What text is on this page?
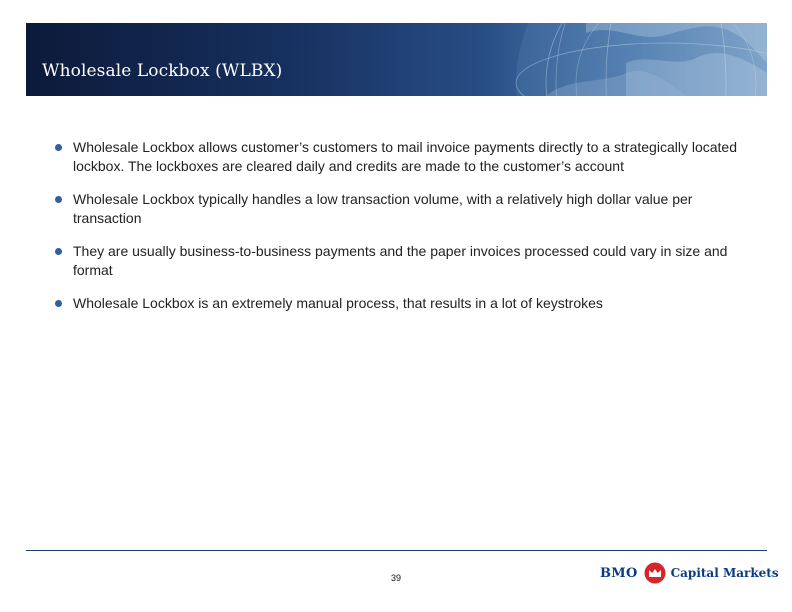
Wholesale Lockbox (WLBX)
Wholesale Lockbox allows customer’s customers to mail invoice payments directly to a strategically located lockbox. The lockboxes are cleared daily and credits are made to the customer’s account
Wholesale Lockbox typically handles a low transaction volume, with a relatively high dollar value per transaction
They are usually business-to-business payments and the paper invoices processed could vary in size and format
Wholesale Lockbox is an extremely manual process, that results in a lot of keystrokes
39	BMO	Capital Markets
